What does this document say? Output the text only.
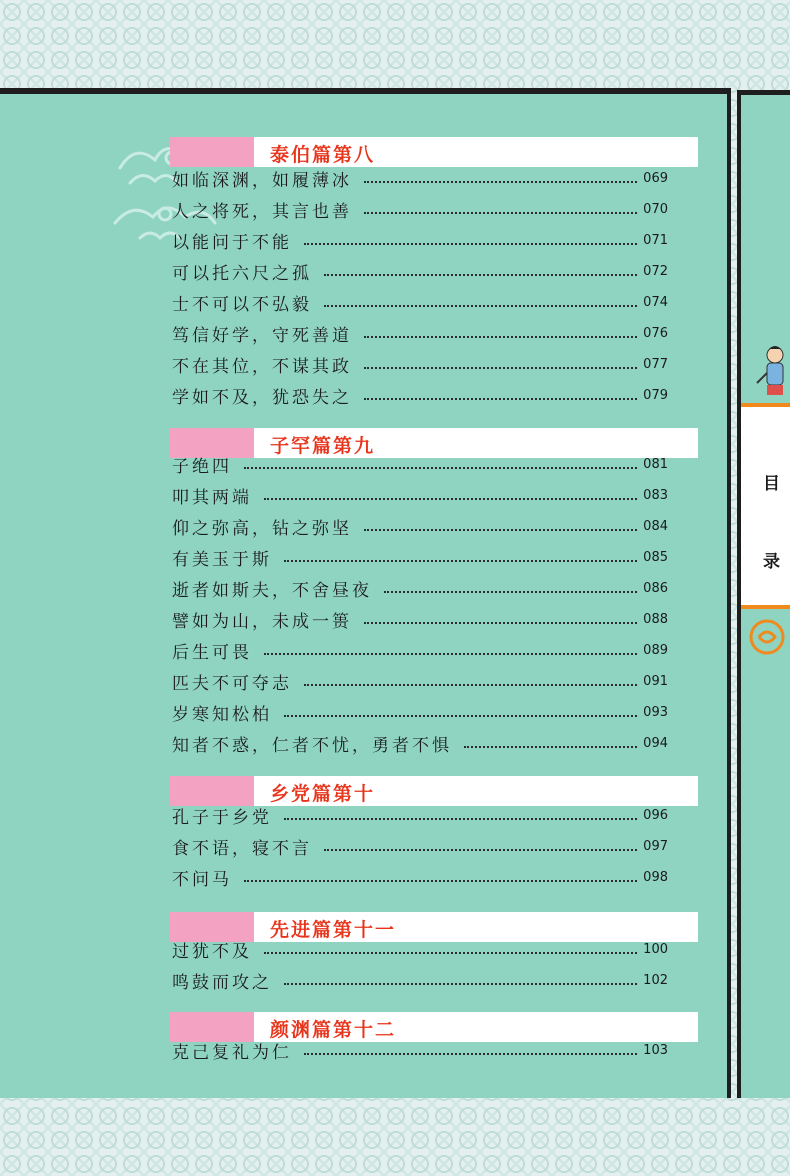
泰伯篇第八
如临深渊，如履薄冰	069
人之将死，其言也善	070
以能问于不能	071
可以托六尺之孤	072
士不可以不弘毅	074
笃信好学，守死善道	076
不在其位，不谋其政	077
学如不及，犹恐失之	079
子罕篇第九
子绝四	081
叩其两端	083
仰之弥高，钻之弥坚	084
有美玉于斯	085
逝者如斯夫，不舍昼夜	086
譬如为山，未成一篑	088
后生可畏	089
匹夫不可夺志	091
岁寒知松柏	093
知者不惑，仁者不忧，勇者不惧	094
乡党篇第十
孔子于乡党	096
食不语，寝不言	097
不问马	098
先进篇第十一
过犹不及	100
鸣鼓而攻之	102
颜渊篇第十二
克己复礼为仁	103
目
录
